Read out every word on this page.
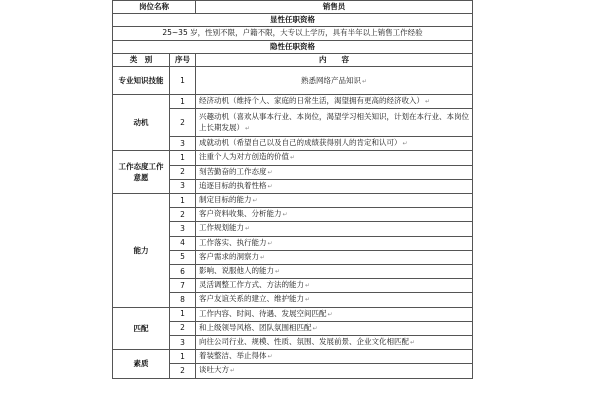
岗位名称		销售员
显性任职资格		
25~35 岁，性别不限，户籍不限，大专以上学历，具有半年以上销售工作经验		
隐性任职资格		
类　别	序号	内　　容
专业知识技能	1	熟悉网络产品知识↵
动机	1	经济动机（维持个人、家庭的日常生活，渴望拥有更高的经济收入）↵
	2	兴趣动机（喜欢从事本行业、本岗位，渴望学习相关知识，计划在本行业、本岗位上长期发展）↵
	3	成就动机（希望自己以及自己的成绩获得别人的肯定和认可）↵
工作态度工作意愿	1	注重个人为对方创造的价值↵
	2	刻苦勤奋的工作态度↵
	3	追逐目标的执着性格↵
能力	1	制定目标的能力↵
	2	客户资料收集、分析能力↵
	3	工作规划能力↵
	4	工作落实、执行能力↵
	5	客户需求的洞察力↵
	6	影响、说服他人的能力↵
	7	灵活调整工作方式、方法的能力↵
	8	客户友谊关系的建立、维护能力↵
匹配	1	工作内容、时间、待遇、发展空间匹配↵
	2	和上级领导风格、团队氛围相匹配↵
	3	向往公司行业、规模、性质、氛围、发展前景、企业文化相匹配↵
素质	1	着装整洁、举止得体↵
	2	谈吐大方↵
